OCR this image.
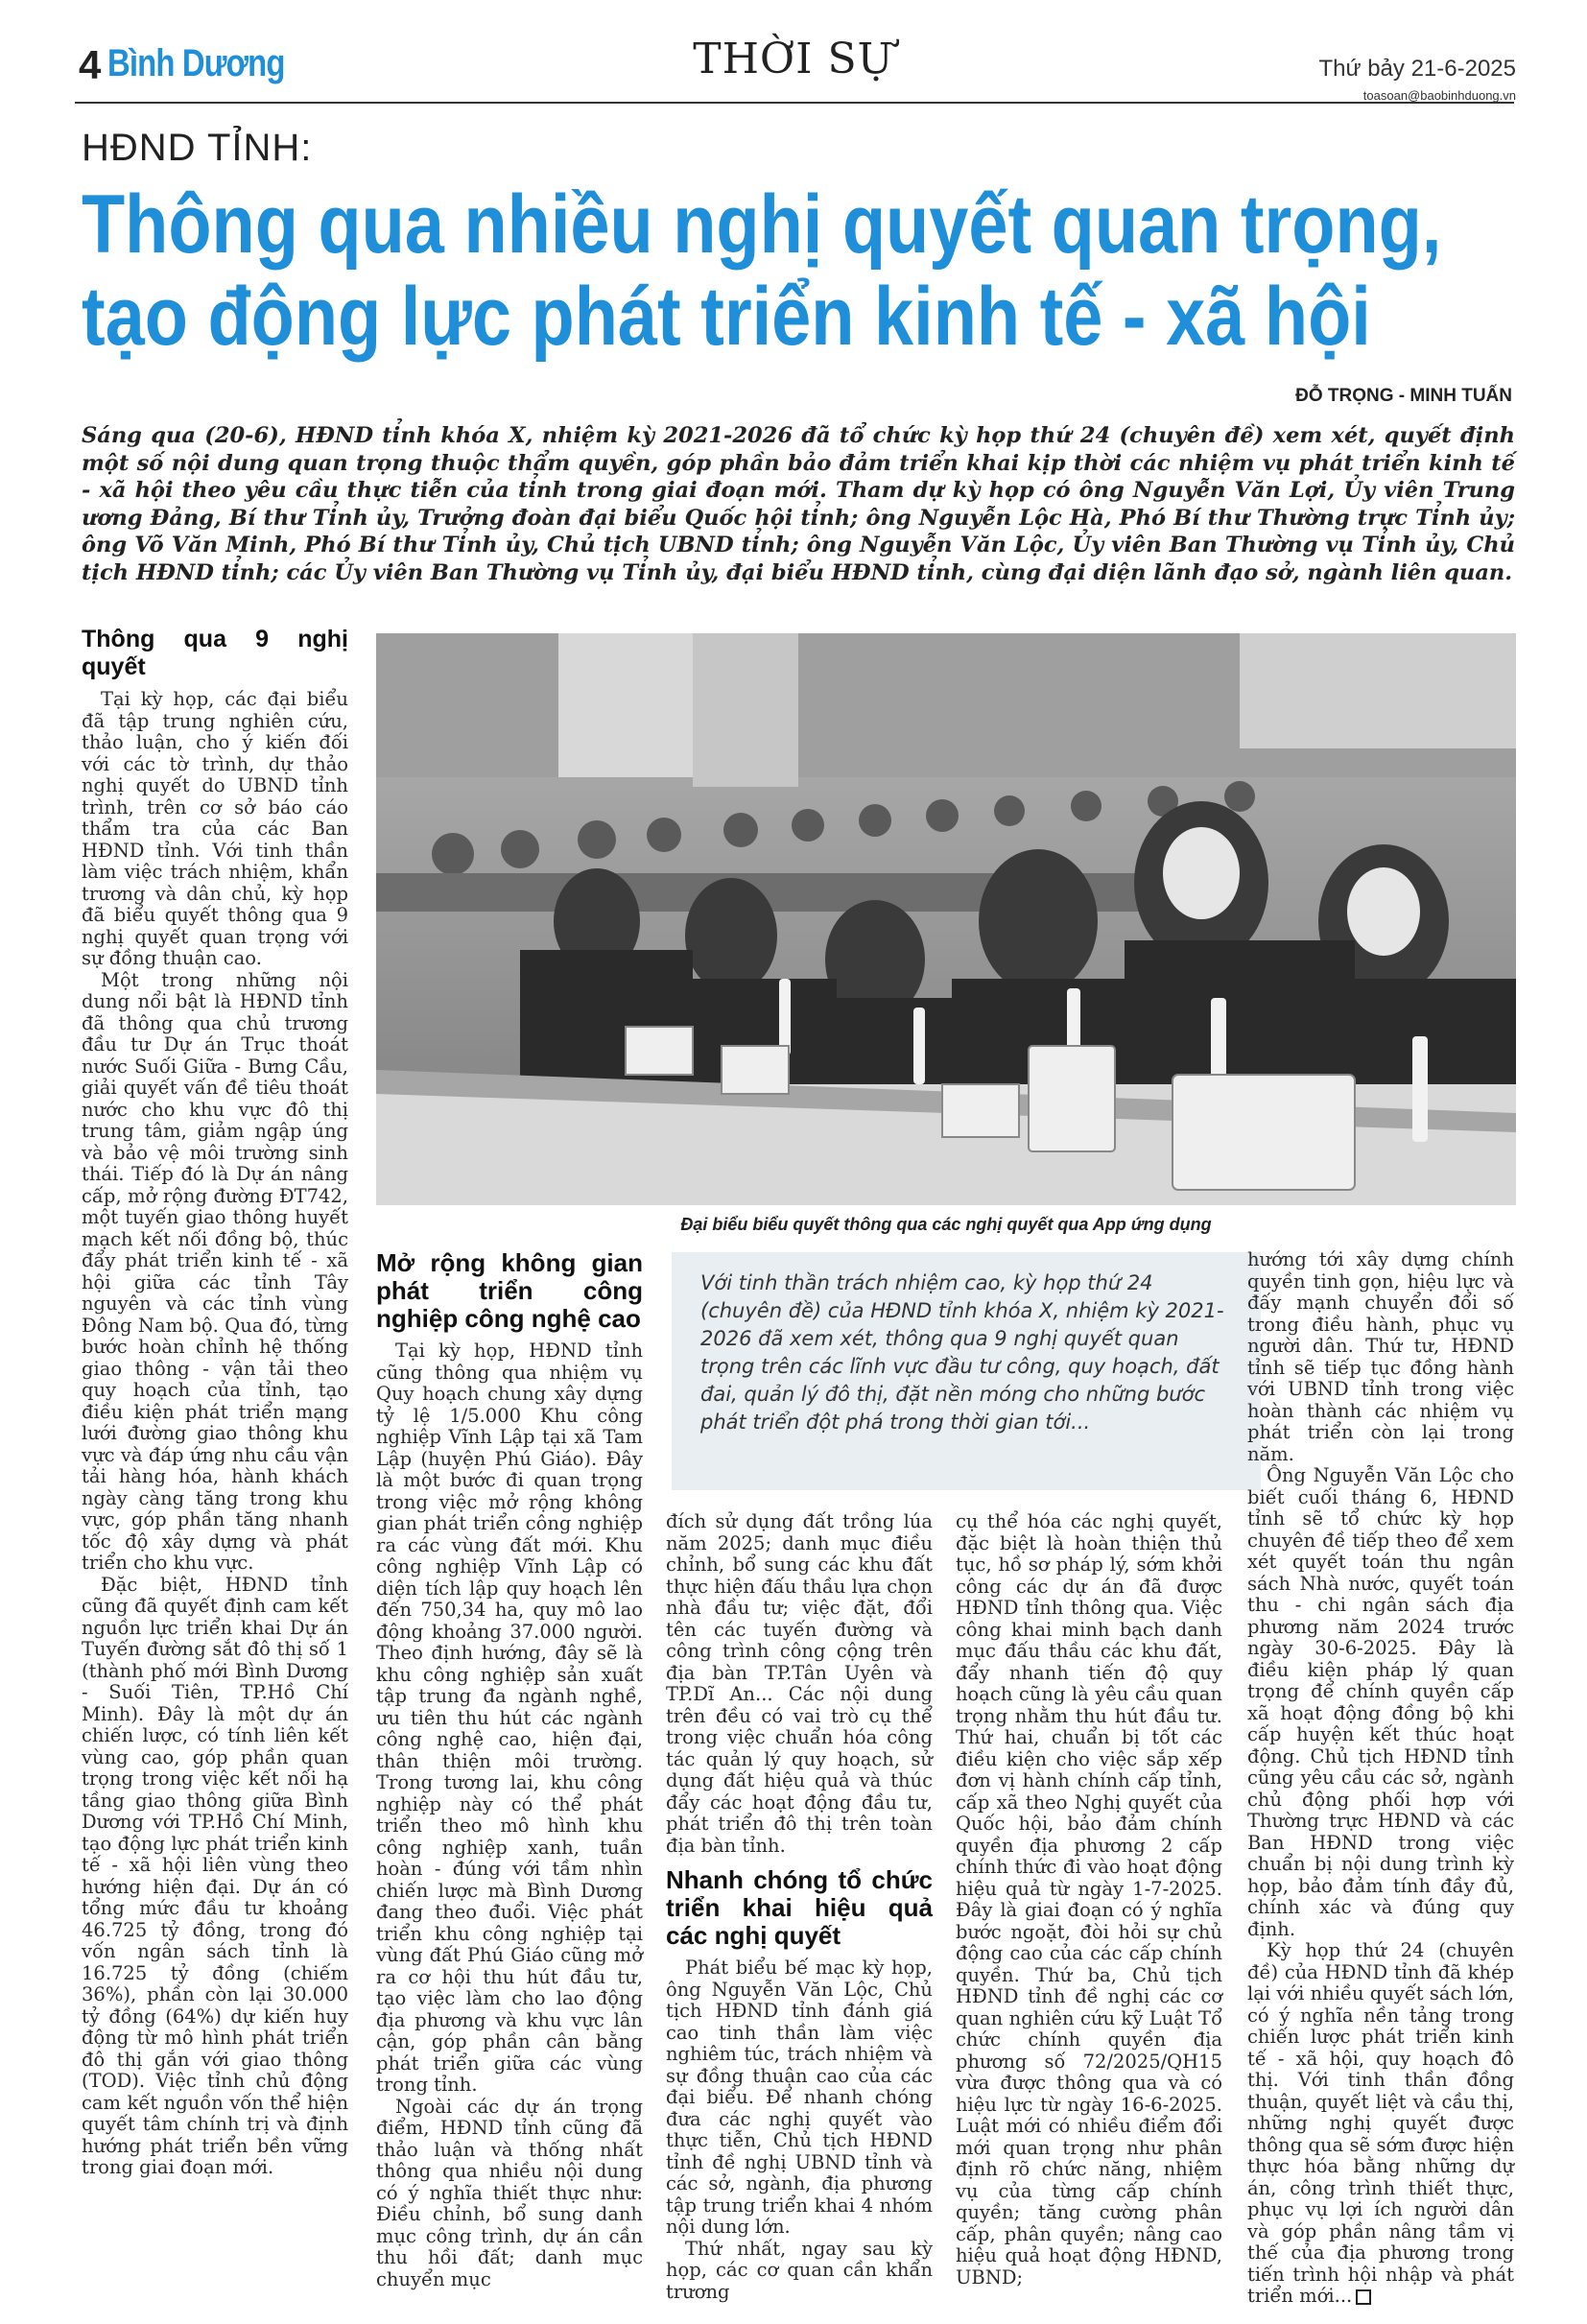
4 Bình Dương	THỜI SỰ	Thứ bảy 21-6-2025
toasoan@baobinhduong.vn
HĐND TỈNH:
Thông qua nhiều nghị quyết quan trọng,
tạo động lực phát triển kinh tế - xã hội
ĐỖ TRỌNG - MINH TUẤN
Sáng qua (20-6), HĐND tỉnh khóa X, nhiệm kỳ 2021-2026 đã tổ chức kỳ họp thứ 24 (chuyên đề) xem xét, quyết định một số nội dung quan trọng thuộc thẩm quyền, góp phần bảo đảm triển khai kịp thời các nhiệm vụ phát triển kinh tế - xã hội theo yêu cầu thực tiễn của tỉnh trong giai đoạn mới. Tham dự kỳ họp có ông Nguyễn Văn Lợi, Ủy viên Trung ương Đảng, Bí thư Tỉnh ủy, Trưởng đoàn đại biểu Quốc hội tỉnh; ông Nguyễn Lộc Hà, Phó Bí thư Thường trực Tỉnh ủy; ông Võ Văn Minh, Phó Bí thư Tỉnh ủy, Chủ tịch UBND tỉnh; ông Nguyễn Văn Lộc, Ủy viên Ban Thường vụ Tỉnh ủy, Chủ tịch HĐND tỉnh; các Ủy viên Ban Thường vụ Tỉnh ủy, đại biểu HĐND tỉnh, cùng đại diện lãnh đạo sở, ngành liên quan.
Thông qua 9 nghị quyết

Tại kỳ họp, các đại biểu đã tập trung nghiên cứu, thảo luận, cho ý kiến đối với các tờ trình, dự thảo nghị quyết do UBND tỉnh trình, trên cơ sở báo cáo thẩm tra của các Ban HĐND tỉnh. Với tinh thần làm việc trách nhiệm, khẩn trương và dân chủ, kỳ họp đã biểu quyết thông qua 9 nghị quyết quan trọng với sự đồng thuận cao.

Một trong những nội dung nổi bật là HĐND tỉnh đã thông qua chủ trương đầu tư Dự án Trục thoát nước Suối Giữa - Bưng Cầu, giải quyết vấn đề tiêu thoát nước cho khu vực đô thị trung tâm, giảm ngập úng và bảo vệ môi trường sinh thái. Tiếp đó là Dự án nâng cấp, mở rộng đường ĐT742, một tuyến giao thông huyết mạch kết nối đồng bộ, thúc đẩy phát triển kinh tế - xã hội giữa các tỉnh Tây nguyên và các tỉnh vùng Đông Nam bộ. Qua đó, từng bước hoàn chỉnh hệ thống giao thông - vận tải theo quy hoạch của tỉnh, tạo điều kiện phát triển mạng lưới đường giao thông khu vực và đáp ứng nhu cầu vận tải hàng hóa, hành khách ngày càng tăng trong khu vực, góp phần tăng nhanh tốc độ xây dựng và phát triển cho khu vực.

Đặc biệt, HĐND tỉnh cũng đã quyết định cam kết nguồn lực triển khai Dự án Tuyến đường sắt đô thị số 1 (thành phố mới Bình Dương - Suối Tiên, TP.Hồ Chí Minh). Đây là một dự án chiến lược, có tính liên kết vùng cao, góp phần quan trọng trong việc kết nối hạ tầng giao thông giữa Bình Dương với TP.Hồ Chí Minh, tạo động lực phát triển kinh tế - xã hội liên vùng theo hướng hiện đại. Dự án có tổng mức đầu tư khoảng 46.725 tỷ đồng, trong đó vốn ngân sách tỉnh là 16.725 tỷ đồng (chiếm 36%), phần còn lại 30.000 tỷ đồng (64%) dự kiến huy động từ mô hình phát triển đô thị gắn với giao thông (TOD). Việc tỉnh chủ động cam kết nguồn vốn thể hiện quyết tâm chính trị và định hướng phát triển bền vững trong giai đoạn mới.

Đại biểu biểu quyết thông qua các nghị quyết qua App ứng dụng
Với tinh thần trách nhiệm cao, kỳ họp thứ 24 (chuyên đề) của HĐND tỉnh khóa X, nhiệm kỳ 2021-2026 đã xem xét, thông qua 9 nghị quyết quan trọng trên các lĩnh vực đầu tư công, quy hoạch, đất đai, quản lý đô thị, đặt nền móng cho những bước phát triển đột phá trong thời gian tới...
Mở rộng không gian phát triển công nghiệp công nghệ cao

Tại kỳ họp, HĐND tỉnh cũng thông qua nhiệm vụ Quy hoạch chung xây dựng tỷ lệ 1/5.000 Khu công nghiệp Vĩnh Lập tại xã Tam Lập (huyện Phú Giáo). Đây là một bước đi quan trọng trong việc mở rộng không gian phát triển công nghiệp ra các vùng đất mới. Khu công nghiệp Vĩnh Lập có diện tích lập quy hoạch lên đến 750,34 ha, quy mô lao động khoảng 37.000 người. Theo định hướng, đây sẽ là khu công nghiệp sản xuất tập trung đa ngành nghề, ưu tiên thu hút các ngành công nghệ cao, hiện đại, thân thiện môi trường. Trong tương lai, khu công nghiệp này có thể phát triển theo mô hình khu công nghiệp xanh, tuần hoàn - đúng với tầm nhìn chiến lược mà Bình Dương đang theo đuổi. Việc phát triển khu công nghiệp tại vùng đất Phú Giáo cũng mở ra cơ hội thu hút đầu tư, tạo việc làm cho lao động địa phương và khu vực lân cận, góp phần cân bằng phát triển giữa các vùng trong tỉnh.

Ngoài các dự án trọng điểm, HĐND tỉnh cũng đã thảo luận và thống nhất thông qua nhiều nội dung có ý nghĩa thiết thực như: Điều chỉnh, bổ sung danh mục công trình, dự án cần thu hồi đất; danh mục chuyển mục

đích sử dụng đất trồng lúa năm 2025; danh mục điều chỉnh, bổ sung các khu đất thực hiện đấu thầu lựa chọn nhà đầu tư; việc đặt, đổi tên các tuyến đường và công trình công cộng trên địa bàn TP.Tân Uyên và TP.Dĩ An... Các nội dung trên đều có vai trò cụ thể trong việc chuẩn hóa công tác quản lý quy hoạch, sử dụng đất hiệu quả và thúc đẩy các hoạt động đầu tư, phát triển đô thị trên toàn địa bàn tỉnh.

Nhanh chóng tổ chức triển khai hiệu quả các nghị quyết

Phát biểu bế mạc kỳ họp, ông Nguyễn Văn Lộc, Chủ tịch HĐND tỉnh đánh giá cao tinh thần làm việc nghiêm túc, trách nhiệm và sự đồng thuận cao của các đại biểu. Để nhanh chóng đưa các nghị quyết vào thực tiễn, Chủ tịch HĐND tỉnh đề nghị UBND tỉnh và các sở, ngành, địa phương tập trung triển khai 4 nhóm nội dung lớn.

Thứ nhất, ngay sau kỳ họp, các cơ quan cần khẩn trương

cụ thể hóa các nghị quyết, đặc biệt là hoàn thiện thủ tục, hồ sơ pháp lý, sớm khởi công các dự án đã được HĐND tỉnh thông qua. Việc công khai minh bạch danh mục đấu thầu các khu đất, đẩy nhanh tiến độ quy hoạch cũng là yêu cầu quan trọng nhằm thu hút đầu tư. Thứ hai, chuẩn bị tốt các điều kiện cho việc sắp xếp đơn vị hành chính cấp tỉnh, cấp xã theo Nghị quyết của Quốc hội, bảo đảm chính quyền địa phương 2 cấp chính thức đi vào hoạt động hiệu quả từ ngày 1-7-2025. Đây là giai đoạn có ý nghĩa bước ngoặt, đòi hỏi sự chủ động cao của các cấp chính quyền. Thứ ba, Chủ tịch HĐND tỉnh đề nghị các cơ quan nghiên cứu kỹ Luật Tổ chức chính quyền địa phương số 72/2025/QH15 vừa được thông qua và có hiệu lực từ ngày 16-6-2025. Luật mới có nhiều điểm đổi mới quan trọng như phân định rõ chức năng, nhiệm vụ của từng cấp chính quyền; tăng cường phân cấp, phân quyền; nâng cao hiệu quả hoạt động HĐND, UBND;

hướng tới xây dựng chính quyền tinh gọn, hiệu lực và đấy mạnh chuyển đổi số trong điều hành, phục vụ người dân. Thứ tư, HĐND tỉnh sẽ tiếp tục đồng hành với UBND tỉnh trong việc hoàn thành các nhiệm vụ phát triển còn lại trong năm.

Ông Nguyễn Văn Lộc cho biết cuối tháng 6, HĐND tỉnh sẽ tổ chức kỳ họp chuyên đề tiếp theo để xem xét quyết toán thu ngân sách Nhà nước, quyết toán thu - chi ngân sách địa phương năm 2024 trước ngày 30-6-2025. Đây là điều kiện pháp lý quan trọng để chính quyền cấp xã hoạt động đồng bộ khi cấp huyện kết thúc hoạt động. Chủ tịch HĐND tỉnh cũng yêu cầu các sở, ngành chủ động phối hợp với Thường trực HĐND và các Ban HĐND trong việc chuẩn bị nội dung trình kỳ họp, bảo đảm tính đầy đủ, chính xác và đúng quy định.

Kỳ họp thứ 24 (chuyên đề) của HĐND tỉnh đã khép lại với nhiều quyết sách lớn, có ý nghĩa nền tảng trong chiến lược phát triển kinh tế - xã hội, quy hoạch đô thị. Với tinh thần đồng thuận, quyết liệt và cầu thị, những nghị quyết được thông qua sẽ sớm được hiện thực hóa bằng những dự án, công trình thiết thực, phục vụ lợi ích người dân và góp phần nâng tầm vị thế của địa phương trong tiến trình hội nhập và phát triển mới...
